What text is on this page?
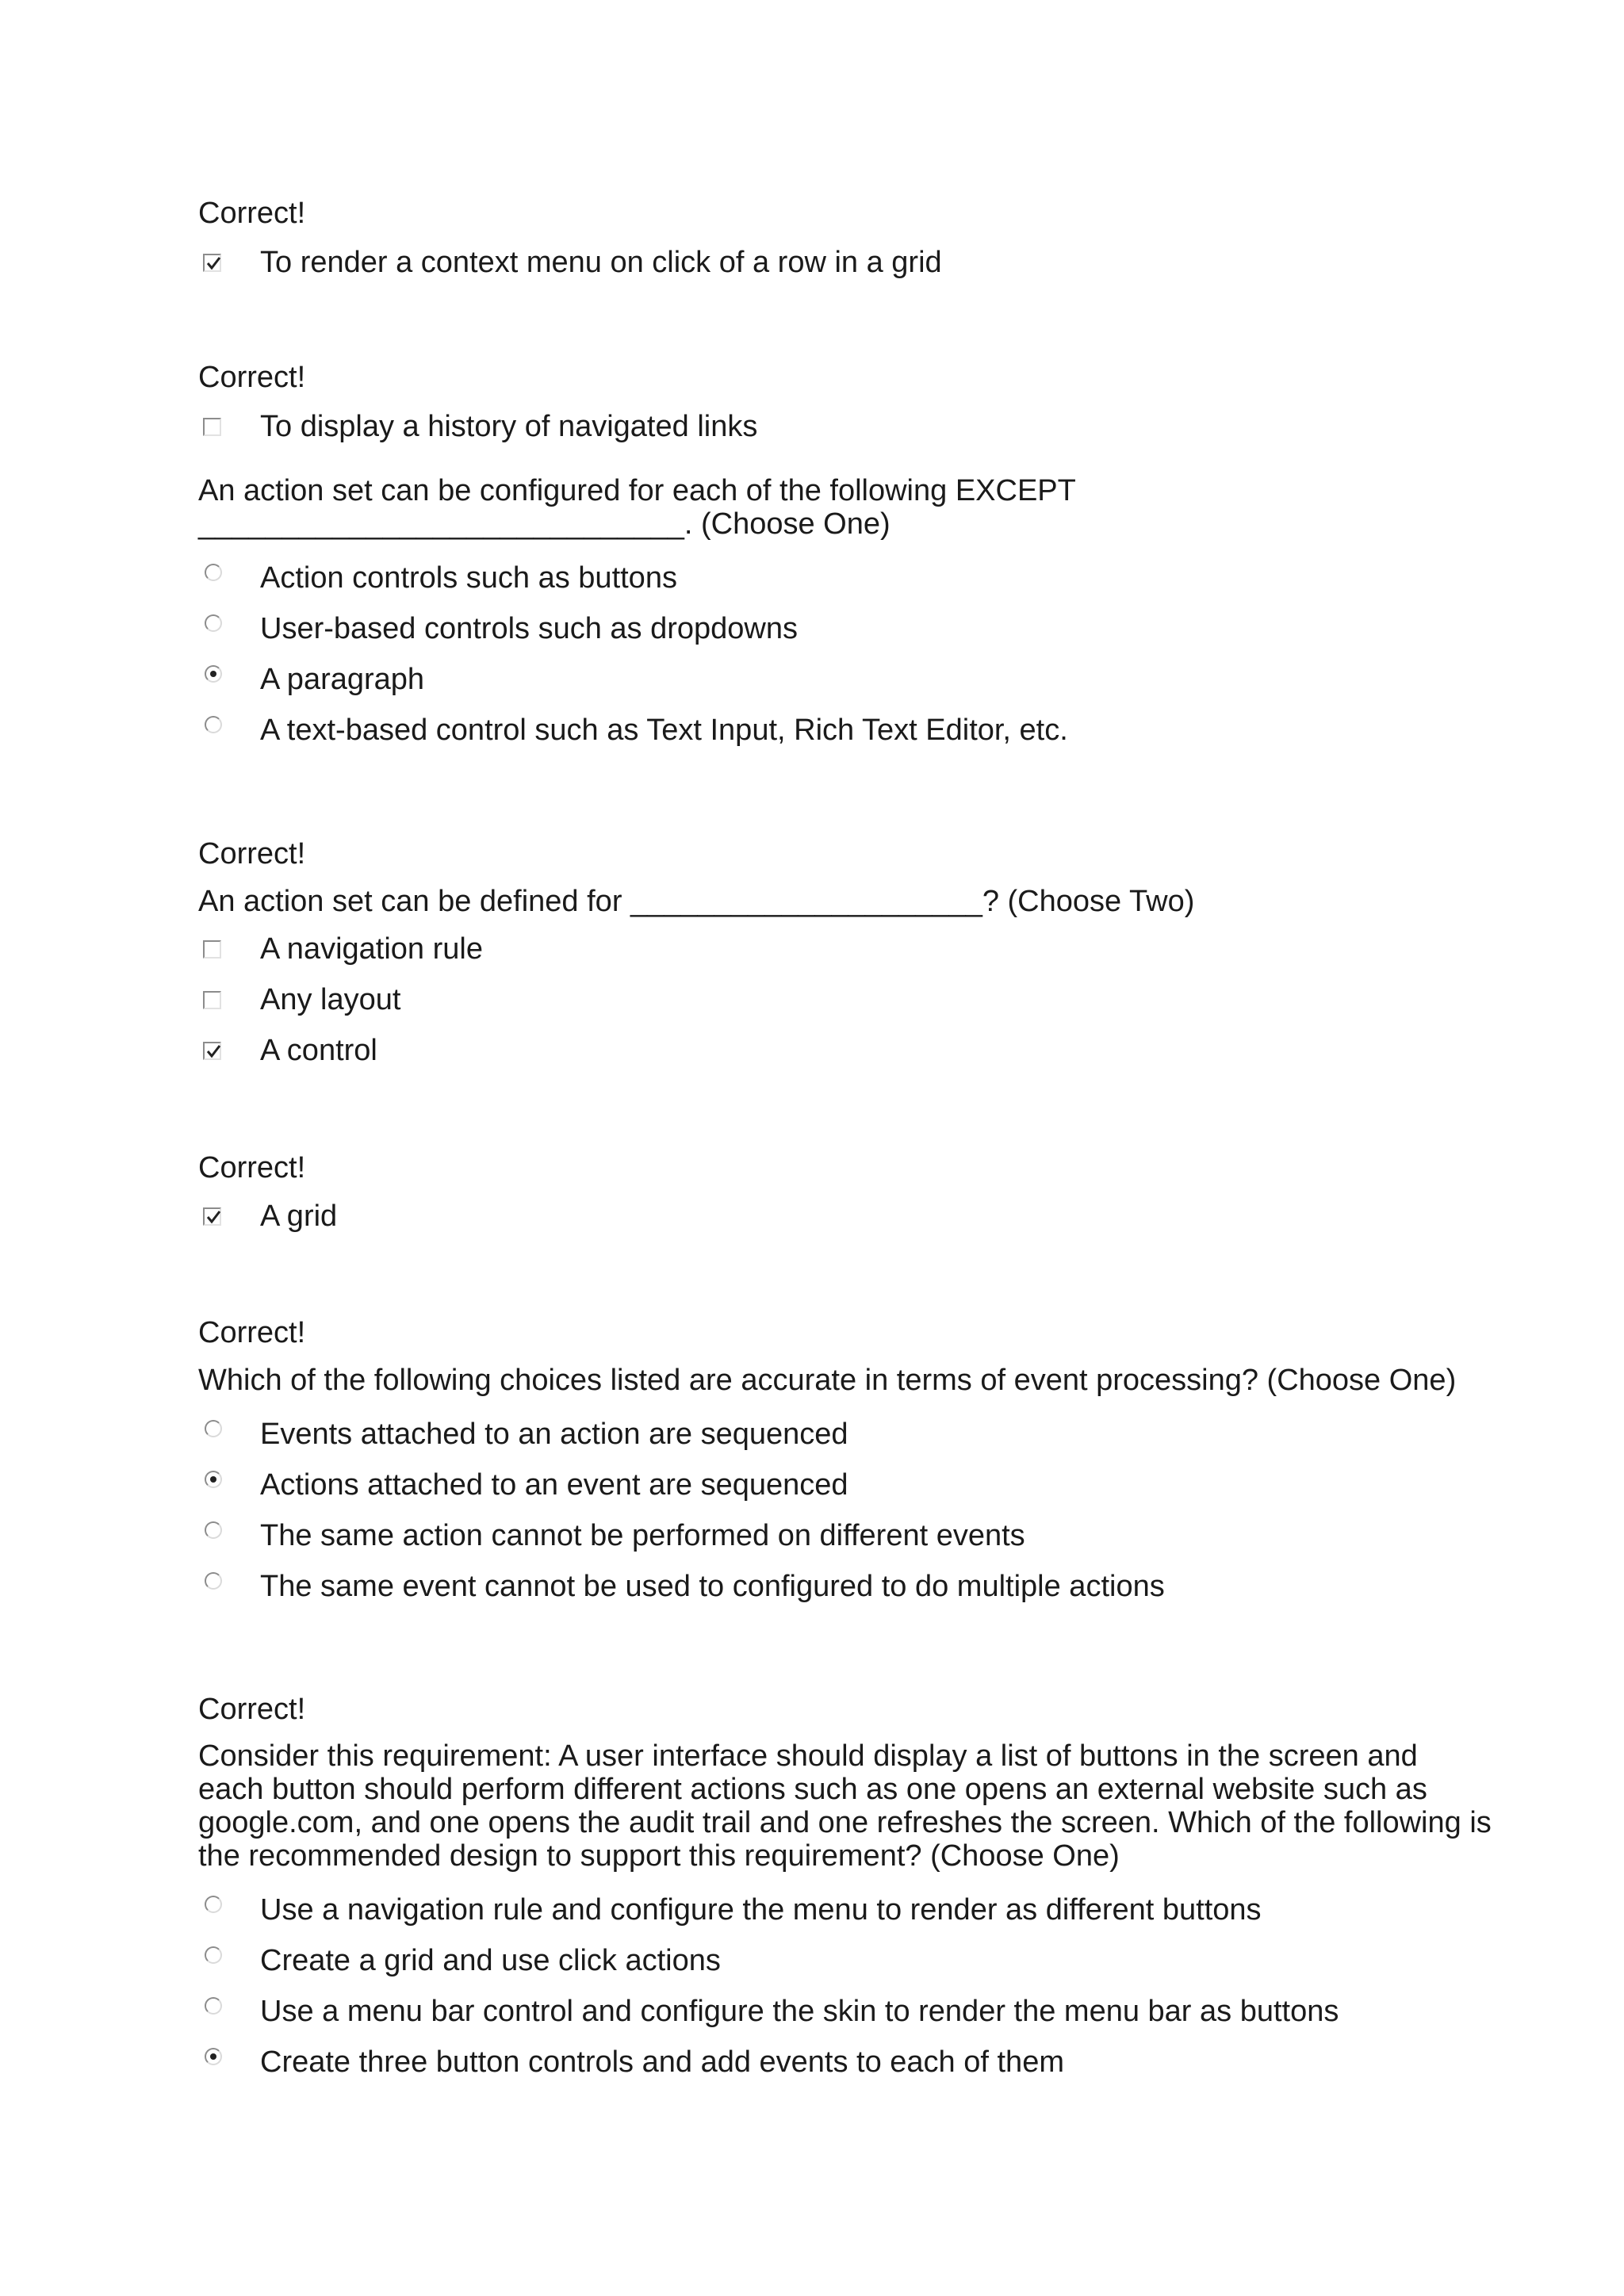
Correct!

To render a context menu on click of a row in a grid

Correct!

To display a history of navigated links

An action set can be configured for each of the following EXCEPT

_____________________________. (Choose One)

Action controls such as buttons
User-based controls such as dropdowns
A paragraph
A text-based control such as Text Input, Rich Text Editor, etc.

Correct!

An action set can be defined for _____________________? (Choose Two)

A navigation rule
Any layout
A control

Correct!

A grid

Correct!

Which of the following choices listed are accurate in terms of event processing? (Choose One)

Events attached to an action are sequenced
Actions attached to an event are sequenced
The same action cannot be performed on different events
The same event cannot be used to configured to do multiple actions

Correct!

Consider this requirement: A user interface should display a list of buttons in the screen and

each button should perform different actions such as one opens an external website such as

google.com, and one opens the audit trail and one refreshes the screen. Which of the following is

the recommended design to support this requirement? (Choose One)

Use a navigation rule and configure the menu to render as different buttons
Create a grid and use click actions
Use a menu bar control and configure the skin to render the menu bar as buttons
Create three button controls and add events to each of them
